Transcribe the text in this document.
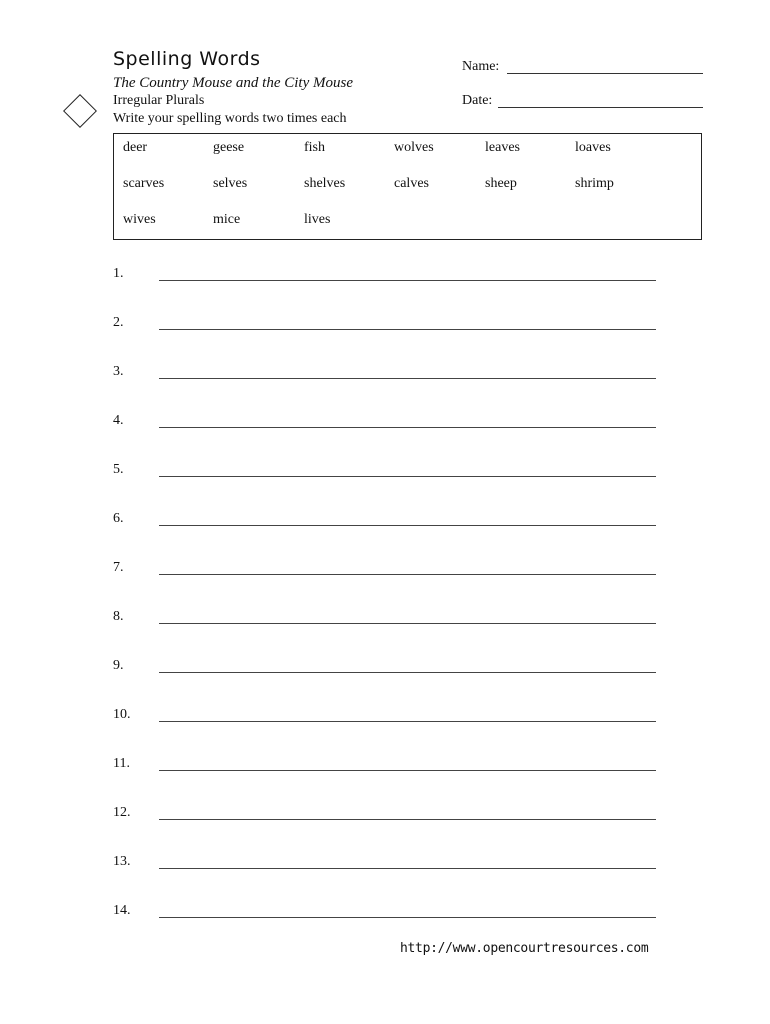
Spelling Words
The Country Mouse and the City Mouse
Irregular Plurals
Write your spelling words two times each
Name:
Date:
deer	geese	fish	wolves	leaves	loaves
scarves	selves	shelves	calves	sheep	shrimp
wives	mice	lives
1.
2.
3.
4.
5.
6.
7.
8.
9.
10.
11.
12.
13.
14.
http://www.opencourtresources.com
